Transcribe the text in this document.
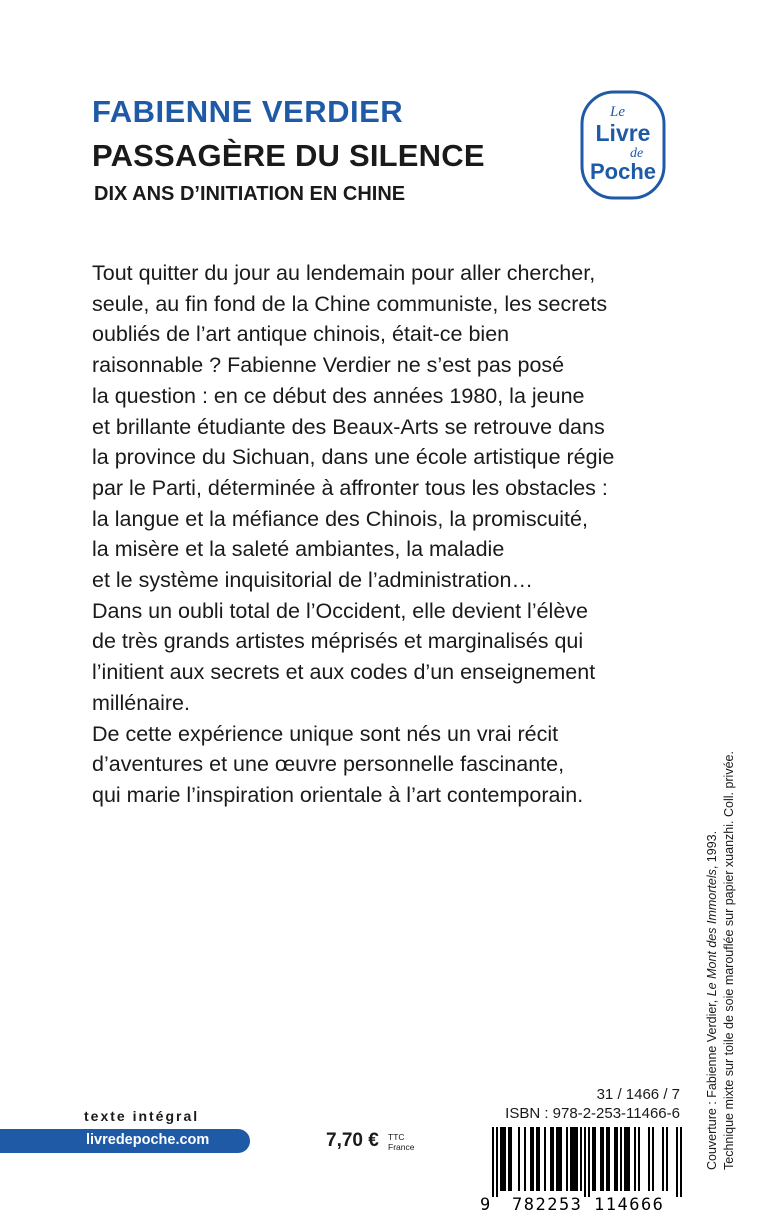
FABIENNE VERDIER
PASSAGÈRE DU SILENCE
DIX ANS D’INITIATION EN CHINE
Le
Livre
de
Poche
Tout quitter du jour au lendemain pour aller chercher,
seule, au fin fond de la Chine communiste, les secrets
oubliés de l’art antique chinois, était-ce bien
raisonnable ? Fabienne Verdier ne s’est pas posé
la question : en ce début des années 1980, la jeune
et brillante étudiante des Beaux-Arts se retrouve dans
la province du Sichuan, dans une école artistique régie
par le Parti, déterminée à affronter tous les obstacles :
la langue et la méfiance des Chinois, la promiscuité,
la misère et la saleté ambiantes, la maladie
et le système inquisitorial de l’administration…
Dans un oubli total de l’Occident, elle devient l’élève
de très grands artistes méprisés et marginalisés qui
l’initient aux secrets et aux codes d’un enseignement
millénaire.
De cette expérience unique sont nés un vrai récit
d’aventures et une œuvre personnelle fascinante,
qui marie l’inspiration orientale à l’art contemporain.
Couverture : Fabienne Verdier, Le Mont des Immortels, 1993. Technique mixte sur toile de soie marouflée sur papier xuanzhi. Coll. privée.
texte intégral
livredepoche.com	7,70 € TTC
France
31 / 1466 / 7
ISBN : 978-2-253-11466-6
9 782253 114666
